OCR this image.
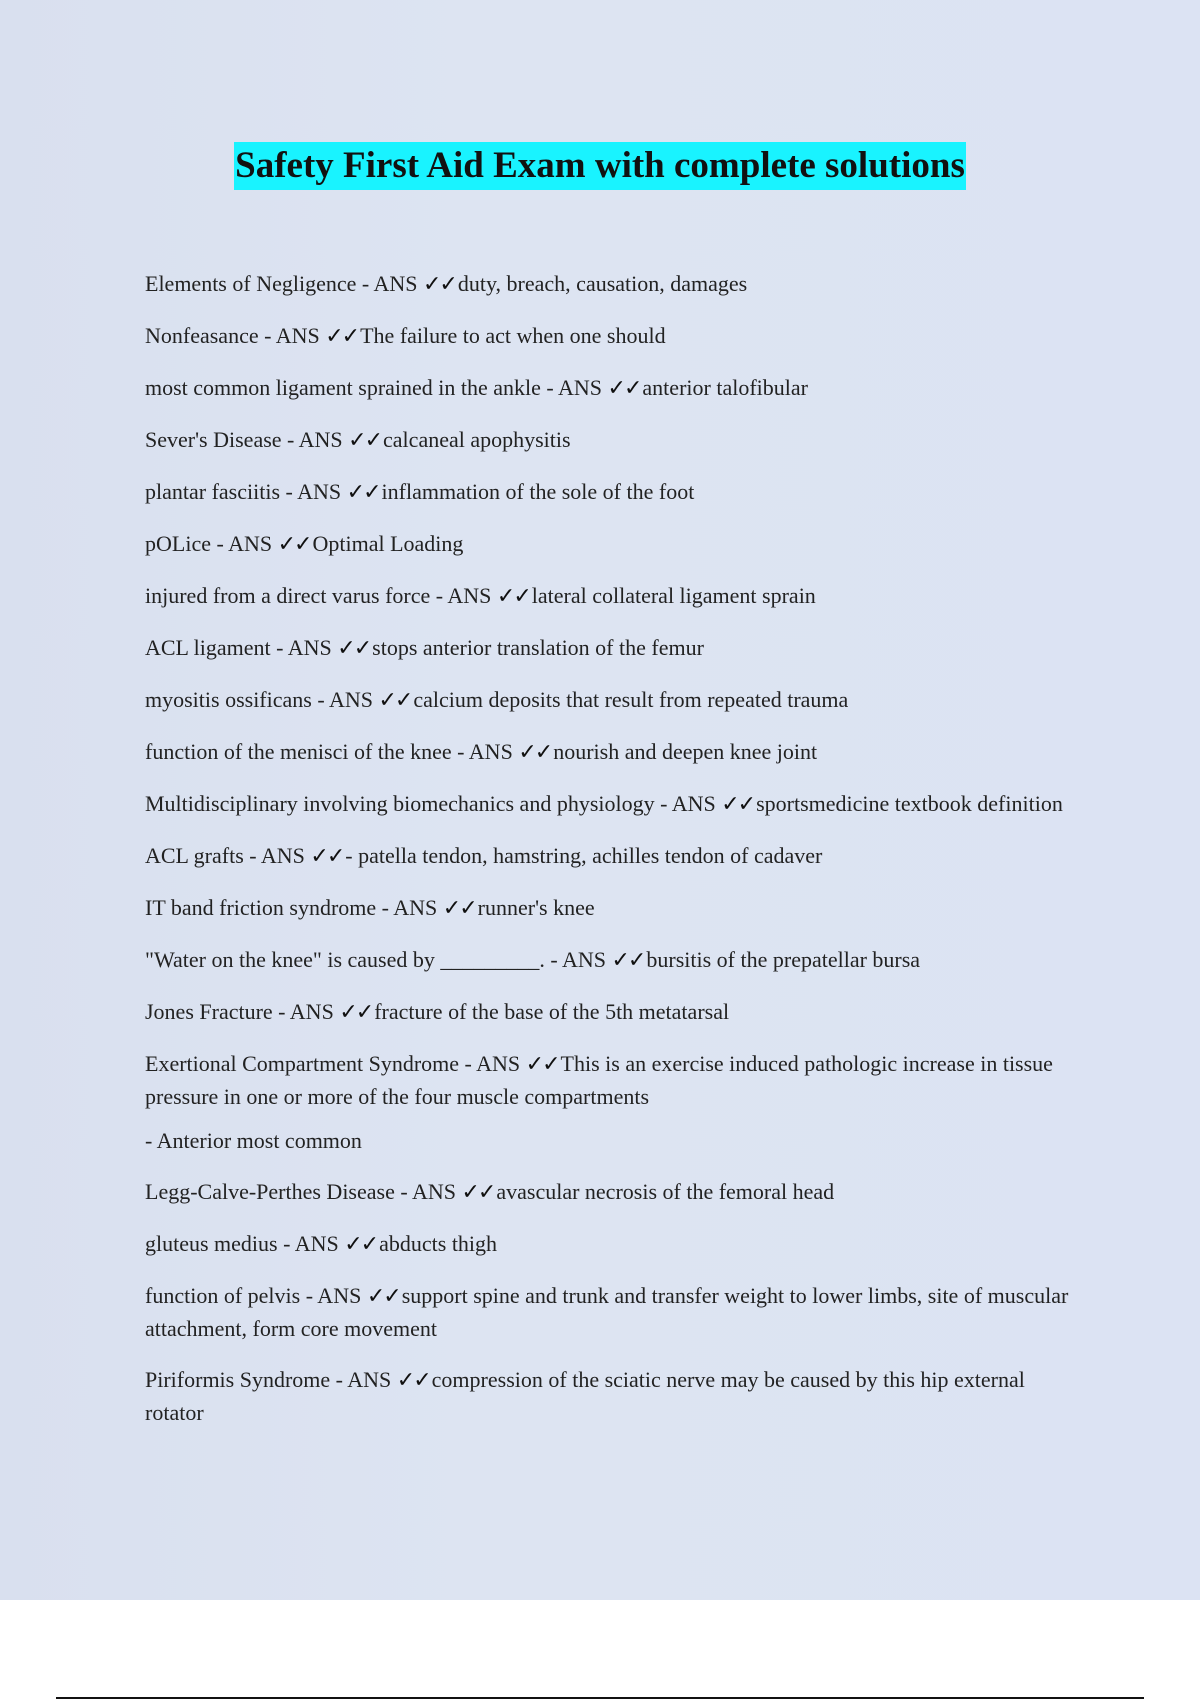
Safety First Aid Exam with complete solutions

Elements of Negligence - ANS ✓✓duty, breach, causation, damages

Nonfeasance - ANS ✓✓The failure to act when one should

most common ligament sprained in the ankle - ANS ✓✓anterior talofibular

Sever's Disease - ANS ✓✓calcaneal apophysitis

plantar fasciitis - ANS ✓✓inflammation of the sole of the foot

pOLice - ANS ✓✓Optimal Loading

injured from a direct varus force - ANS ✓✓lateral collateral ligament sprain

ACL ligament - ANS ✓✓stops anterior translation of the femur

myositis ossificans - ANS ✓✓calcium deposits that result from repeated trauma

function of the menisci of the knee - ANS ✓✓nourish and deepen knee joint

Multidisciplinary involving biomechanics and physiology - ANS ✓✓sportsmedicine textbook definition

ACL grafts - ANS ✓✓- patella tendon, hamstring, achilles tendon of cadaver

IT band friction syndrome - ANS ✓✓runner's knee

"Water on the knee" is caused by _________. - ANS ✓✓bursitis of the prepatellar bursa

Jones Fracture - ANS ✓✓fracture of the base of the 5th metatarsal

Exertional Compartment Syndrome - ANS ✓✓This is an exercise induced pathologic increase in tissue pressure in one or more of the four muscle compartments

- Anterior most common

Legg-Calve-Perthes Disease - ANS ✓✓avascular necrosis of the femoral head

gluteus medius - ANS ✓✓abducts thigh

function of pelvis - ANS ✓✓support spine and trunk and transfer weight to lower limbs, site of muscular attachment, form core movement

Piriformis Syndrome - ANS ✓✓compression of the sciatic nerve may be caused by this hip external rotator
